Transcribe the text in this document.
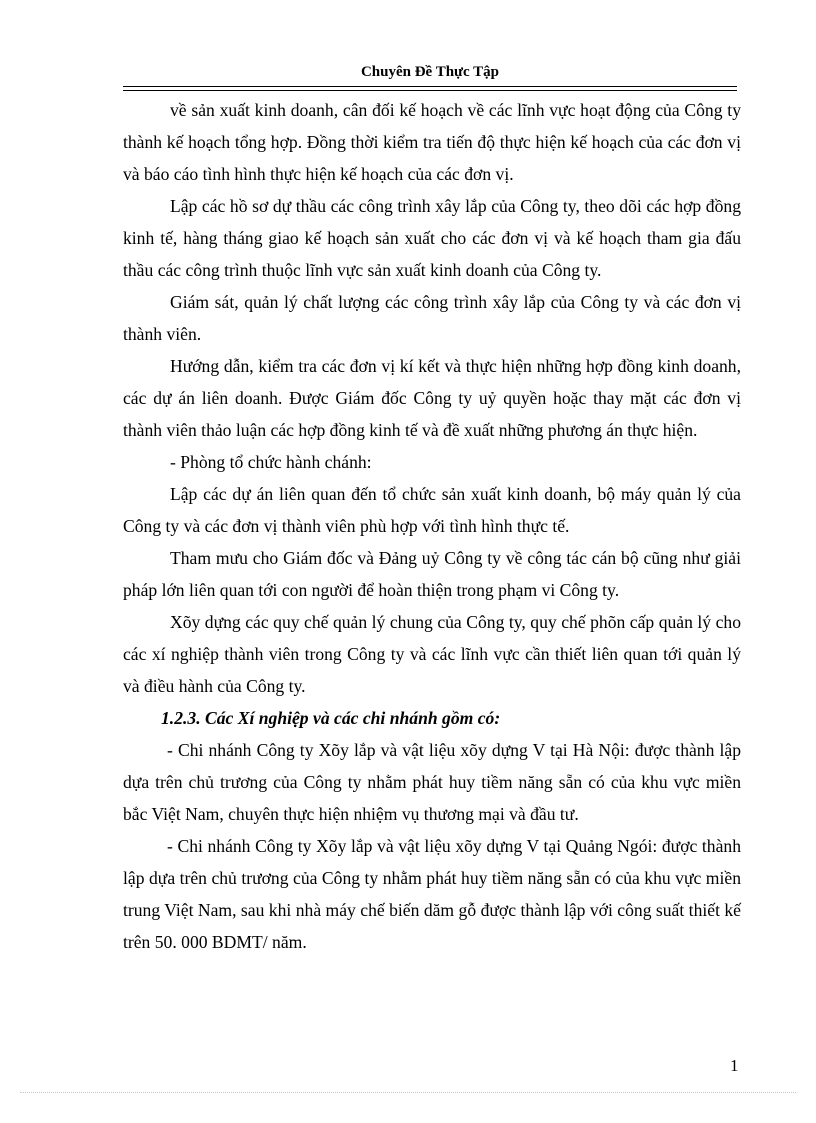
Chuyên Đề Thực Tập

về sản xuất kinh doanh, cân đối kế hoạch về các lĩnh vực hoạt động của Công ty thành kế hoạch tổng hợp. Đồng thời kiểm tra tiến độ thực hiện kế hoạch của các đơn vị và báo cáo tình hình thực hiện kế hoạch của các đơn vị.

Lập các hồ sơ dự thầu các công trình xây lắp của Công ty, theo dõi các hợp đồng kinh tế, hàng tháng giao kế hoạch sản xuất cho các đơn vị và kế hoạch tham gia đấu thầu các công trình thuộc lĩnh vực sản xuất kinh doanh của Công ty.

Giám sát, quản lý chất lượng các công trình xây lắp của Công ty và các đơn vị thành viên.

Hướng dẫn, kiểm tra các đơn vị kí kết và thực hiện những hợp đồng kinh doanh, các dự án liên doanh. Được Giám đốc Công ty uỷ quyền hoặc thay mặt các đơn vị thành viên thảo luận các hợp đồng kinh tế và đề xuất những phương án thực hiện.

- Phòng tổ chức hành chánh:

Lập các dự án liên quan đến tổ chức sản xuất kinh doanh, bộ máy quản lý của Công ty và các đơn vị thành viên phù hợp với tình hình thực tế.

Tham mưu cho Giám đốc và Đảng uỷ Công ty về công tác cán bộ cũng như giải pháp lớn liên quan tới con người để hoàn thiện trong phạm vi Công ty.

Xõy dựng các quy chế quản lý chung của Công ty, quy chế phõn cấp quản lý cho các xí nghiệp thành viên trong Công ty và các lĩnh vực cần thiết liên quan tới quản lý và điều hành của Công ty.

1.2.3. Các Xí nghiệp và các chi nhánh gồm có:

- Chi nhánh Công ty Xõy lắp và vật liệu xõy dựng V tại Hà Nội: được thành lập dựa trên chủ trương của Công ty nhằm phát huy tiềm năng sẵn có của khu vực miền bắc Việt Nam, chuyên thực hiện nhiệm vụ thương mại và đầu tư.

- Chi nhánh Công ty Xõy lắp và vật liệu xõy dựng V tại Quảng Ngói: được thành lập dựa trên chủ trương của Công ty nhằm phát huy tiềm năng sẵn có của khu vực miền trung Việt Nam, sau khi nhà máy chế biến dăm gỗ được thành lập với công suất thiết kế trên 50. 000 BDMT/ năm.

1
